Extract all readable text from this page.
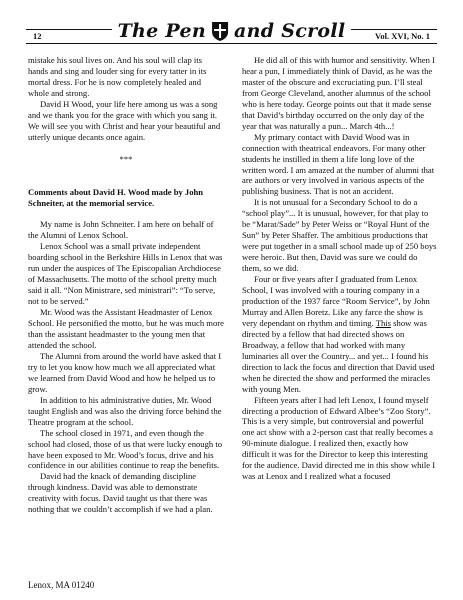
12	The Pen and Scroll	Vol. XVI, No. 1

mistake his soul lives on. And his soul will clap its hands and sing and louder sing for every tatter in its mortal dress. For he is now completely healed and whole and strong.

David H Wood, your life here among us was a song and we thank you for the grace with which you sang it. We will see you with Christ and hear your beautiful and utterly unique decants once again.

***

Comments about David H. Wood made by John Schneiter, at the memorial service.

My name is John Schneiter. I am here on behalf of the Alumni of Lenox School.

Lenox School was a small private independent boarding school in the Berkshire Hills in Lenox that was run under the auspices of The Episcopalian Archdiocese of Massachusetts. The motto of the school pretty much said it all. “Non Ministrare, sed ministrari”: “To serve, not to be served.”

Mr. Wood was the Assistant Headmaster of Lenox School. He personified the motto, but he was much more than the assistant headmaster to the young men that attended the school.

The Alumni from around the world have asked that I try to let you know how much we all appreciated what we learned from David Wood and how he helped us to grow.

In addition to his administrative duties, Mr. Wood taught English and was also the driving force behind the Theatre program at the school.

The school closed in 1971, and even though the school had closed, those of us that were lucky enough to have been exposed to Mr. Wood’s focus, drive and his confidence in our abilities continue to reap the benefits.

David had the knack of demanding discipline through kindness. David was able to demonstrate creativity with focus. David taught us that there was nothing that we couldn’t accomplish if we had a plan.

He did all of this with humor and sensitivity. When I hear a pun, I immediately think of David, as he was the master of the obscure and excruciating pun. I’ll steal from George Cleveland, another alumnus of the school who is here today. George points out that it made sense that David’s birthday occurred on the only day of the year that was naturally a pun... March 4th...!

My primary contact with David Wood was in connection with theatrical endeavors. For many other students he instilled in them a life long love of the written word. I am amazed at the number of alumni that are authors or very involved in various aspects of the publishing business. That is not an accident.

It is not unusual for a Secondary School to do a “school play”... It is unusual, however, for that play to be “Marat/Sade” by Peter Weiss or “Royal Hunt of the Sun” by Peter Shaffer. The ambitious productions that were put together in a small school made up of 250 boys were heroic. But then, David was sure we could do them, so we did.

Four or five years after I graduated from Lenox School, I was involved with a touring company in a production of the 1937 farce “Room Service”, by John Murray and Allen Boretz. Like any farce the show is very dependant on rhythm and timing. This show was directed by a fellow that had directed shows on Broadway, a fellow that had worked with many luminaries all over the Country... and yet... I found his direction to lack the focus and direction that David used when he directed the show and performed the miracles with young Men.

Fifteen years after I had left Lenox, I found myself directing a production of Edward Albee’s “Zoo Story”. This is a very simple, but controversial and powerful one act show with a 2-person cast that really becomes a 90-minute dialogue. I realized then, exactly how difficult it was for the Director to keep this interesting for the audience. David directed me in this show while I was at Lenox and I realized what a focused

Lenox, MA 01240
